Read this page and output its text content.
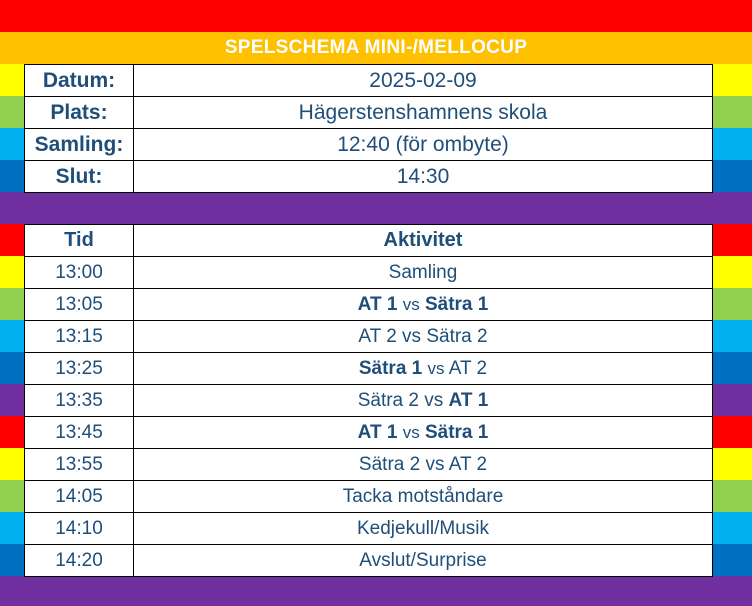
SPELSCHEMA MINI-/MELLOCUP
Datum:	2025-02-09
Plats:	Hägerstenshamnens skola
Samling:	12:40 (för ombyte)
Slut:	14:30
Tid	Aktivitet
13:00	Samling
13:05	AT 1 vs Sätra 1
13:15	AT 2 vs Sätra 2
13:25	Sätra 1 vs AT 2
13:35	Sätra 2 vs AT 1
13:45	AT 1 vs Sätra 1
13:55	Sätra 2 vs AT 2
14:05	Tacka motståndare
14:10	Kedjekull/Musik
14:20	Avslut/Surprise
